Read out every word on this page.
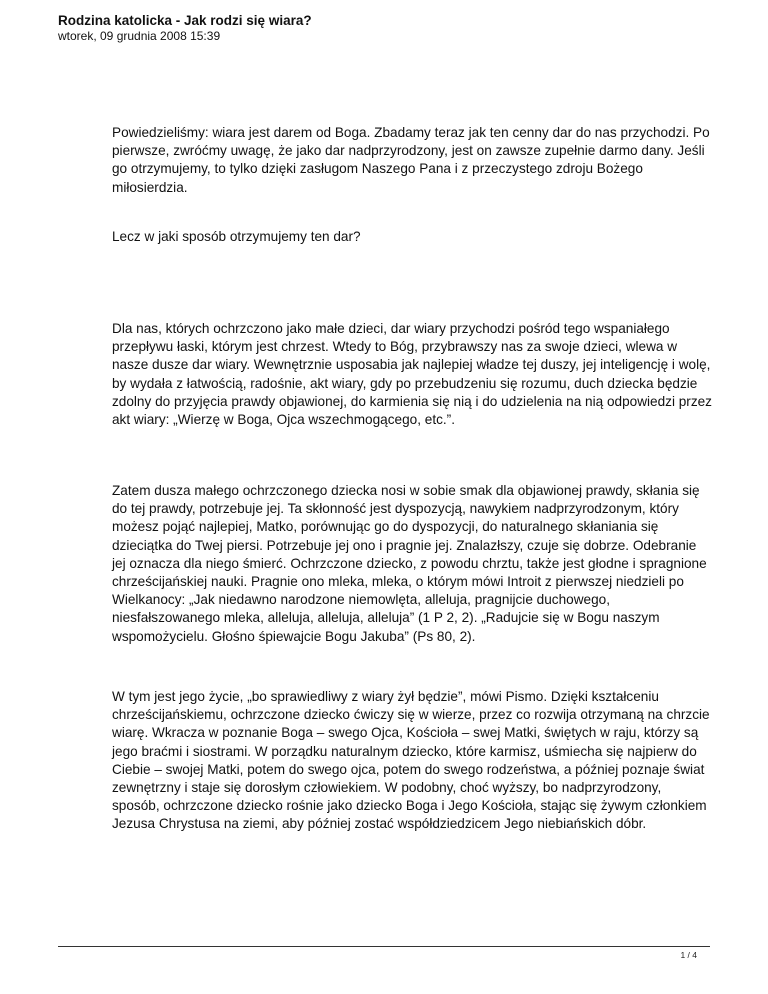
Rodzina katolicka - Jak rodzi się wiara?

wtorek, 09 grudnia 2008 15:39

Powiedzieliśmy: wiara jest darem od Boga. Zbadamy teraz jak ten cenny dar do nas przychodzi. Po pierwsze, zwróćmy uwagę, że jako dar nadprzyrodzony, jest on zawsze zupełnie darmo dany. Jeśli go otrzymujemy, to tylko dzięki zasługom Naszego Pana i z przeczystego zdroju Bożego miłosierdzia.

Lecz w jaki sposób otrzymujemy ten dar?

Dla nas, których ochrzczono jako małe dzieci, dar wiary przychodzi pośród tego wspaniałego przepływu łaski, którym jest chrzest. Wtedy to Bóg, przybrawszy nas za swoje dzieci, wlewa w nasze dusze dar wiary. Wewnętrznie usposabia jak najlepiej władze tej duszy, jej inteligencję i wolę, by wydała z łatwością, radośnie, akt wiary, gdy po przebudzeniu się rozumu, duch dziecka będzie zdolny do przyjęcia prawdy objawionej, do karmienia się nią i do udzielenia na nią odpowiedzi przez akt wiary: „Wierzę w Boga, Ojca wszechmogącego, etc.”.

Zatem dusza małego ochrzczonego dziecka nosi w sobie smak dla objawionej prawdy, skłania się do tej prawdy, potrzebuje jej. Ta skłonność jest dyspozycją, nawykiem nadprzyrodzonym, który możesz pojąć najlepiej, Matko, porównując go do dyspozycji, do naturalnego skłaniania się dzieciątka do Twej piersi. Potrzebuje jej ono i pragnie jej. Znalazłszy, czuje się dobrze. Odebranie jej oznacza dla niego śmierć. Ochrzczone dziecko, z powodu chrztu, także jest głodne i spragnione chrześcijańskiej nauki. Pragnie ono mleka, mleka, o którym mówi Introit z pierwszej niedzieli po Wielkanocy: „Jak niedawno narodzone niemowlęta, alleluja, pragnijcie duchowego, niesfałszowanego mleka, alleluja, alleluja, alleluja” (1 P 2, 2). „Radujcie się w Bogu naszym wspomożycielu. Głośno śpiewajcie Bogu Jakuba” (Ps 80, 2).

W tym jest jego życie, „bo sprawiedliwy z wiary żył będzie”, mówi Pismo. Dzięki kształceniu chrześcijańskiemu, ochrzczone dziecko ćwiczy się w wierze, przez co rozwija otrzymaną na chrzcie wiarę. Wkracza w poznanie Boga – swego Ojca, Kościoła – swej Matki, świętych w raju, którzy są jego braćmi i siostrami. W porządku naturalnym dziecko, które karmisz, uśmiecha się najpierw do Ciebie – swojej Matki, potem do swego ojca, potem do swego rodzeństwa, a później poznaje świat zewnętrzny i staje się dorosłym człowiekiem. W podobny, choć wyższy, bo nadprzyrodzony, sposób, ochrzczone dziecko rośnie jako dziecko Boga i Jego Kościoła, stając się żywym członkiem Jezusa Chrystusa na ziemi, aby później zostać współdziedzicem Jego niebiańskich dóbr.

1 / 4
